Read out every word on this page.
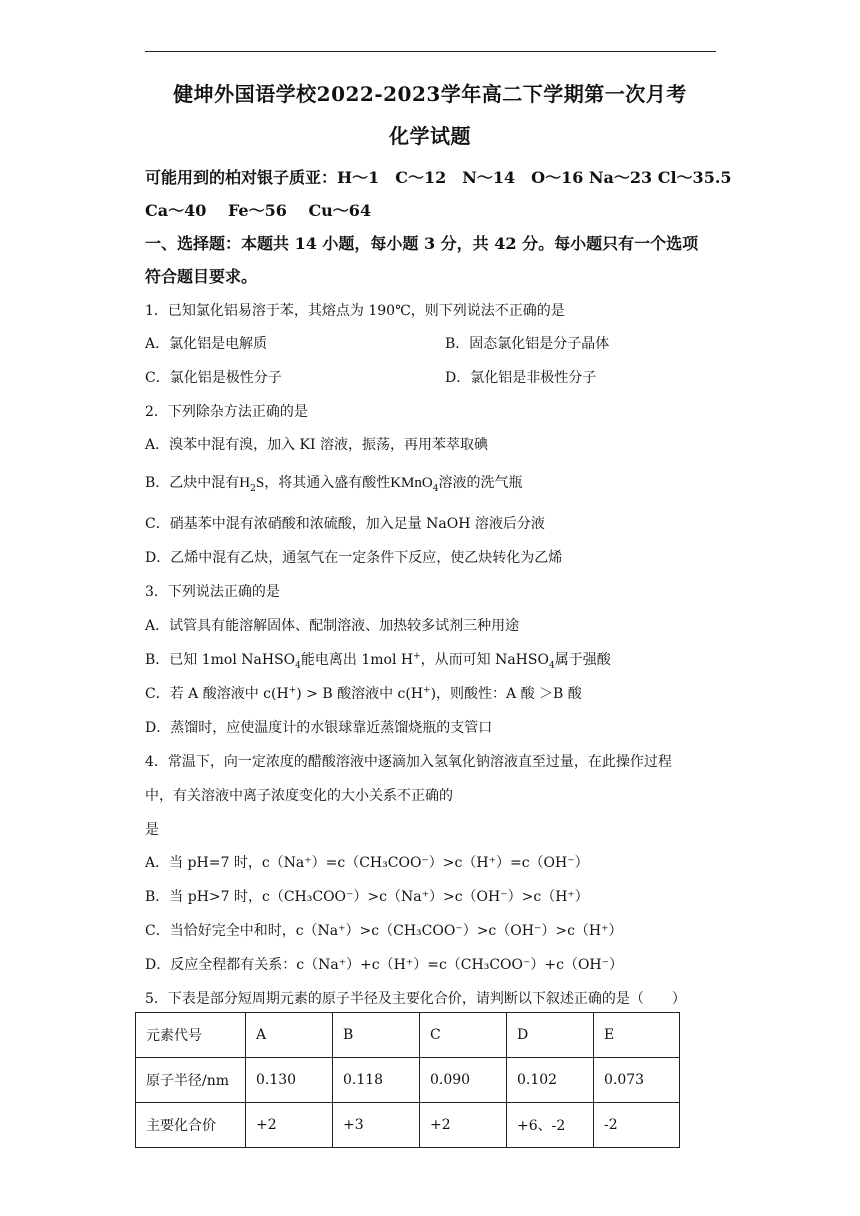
健坤外国语学校2022-2023学年高二下学期第一次月考
化学试题
可能用到的柏对银子质亚：H～1　C～12　N～14　O～16 Na～23 Cl～35.5
Ca～40　 Fe～56　 Cu～64
一、选择题：本题共 14 小题，每小题 3 分，共 42 分。每小题只有一个选项
符合题目要求。
1．已知氯化铝易溶于苯，其熔点为 190℃，则下列说法不正确的是
A．氯化铝是电解质	B．固态氯化铝是分子晶体
C．氯化铝是极性分子	D．氯化铝是非极性分子
2．下列除杂方法正确的是
A．溴苯中混有溴，加入 KI 溶液，振荡，再用苯萃取碘
B．乙炔中混有$H_2S$，将其通入盛有酸性KMnO$_4$溶液的洗气瓶
C．硝基苯中混有浓硝酸和浓硫酸，加入足量 NaOH 溶液后分液
D．乙烯中混有乙炔，通氢气在一定条件下反应，使乙炔转化为乙烯
3．下列说法正确的是
A．试管具有能溶解固体、配制溶液、加热较多试剂三种用途
B．已知 1mol NaHSO$_4$能电离出 1mol H+，从而可知 NaHSO$_4$属于强酸
C．若 A 酸溶液中 c(H+) > B 酸溶液中 c(H+)，则酸性：A 酸 ＞B 酸
D．蒸馏时，应使温度计的水银球靠近蒸馏烧瓶的支管口
4．常温下，向一定浓度的醋酸溶液中逐滴加入氢氧化钠溶液直至过量，在此操作过程
中，有关溶液中离子浓度变化的大小关系不正确的
是
A．当 pH=7 时，c（Na⁺）=c（CH₃COO⁻）>c（H⁺）=c（OH⁻）
B．当 pH>7 时，c（CH₃COO⁻）>c（Na⁺）>c（OH⁻）>c（H⁺）
C．当恰好完全中和时，c（Na⁺）>c（CH₃COO⁻）>c（OH⁻）>c（H⁺）
D．反应全程都有关系：c（Na⁺）+c（H⁺）=c（CH₃COO⁻）+c（OH⁻）
5．下表是部分短周期元素的原子半径及主要化合价，请判断以下叙述正确的是（　　）
元素代号	A	B	C	D	E
原子半径/nm	0.130	0.118	0.090	0.102	0.073
主要化合价	+2	+3	+2	+6、-2	-2
